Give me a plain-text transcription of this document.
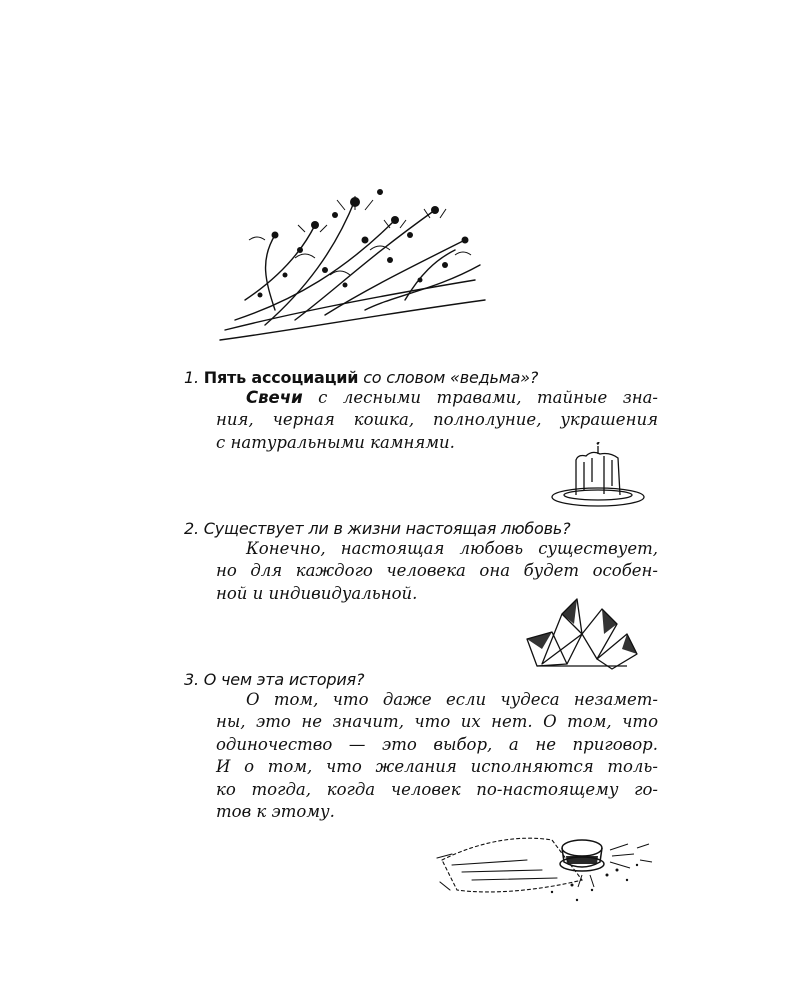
1. Пять ассоциаций со словом «ведьма»?
Свечи с лесными травами, тайные зна-
ния, черная кошка, полнолуние, украшения
с натуральными камнями.
2. Существует ли в жизни настоящая любовь?
Конечно, настоящая любовь существует,
но для каждого человека она будет особен-
ной и индивидуальной.
3. О чем эта история?
О том, что даже если чудеса незамет-
ны, это не значит, что их нет. О том, что
одиночество — это выбор, а не приговор.
И о том, что желания исполняются толь-
ко тогда, когда человек по-настоящему го-
тов к этому.
